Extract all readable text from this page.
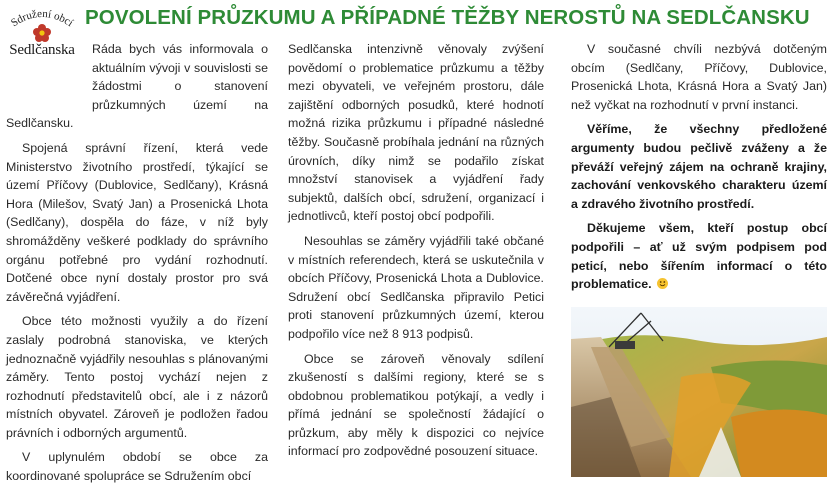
Sdružení obcí
Sedlčanska
POVOLENÍ PRŮZKUMU A PŘÍPADNÉ TĚŽBY NEROSTŮ NA SEDLČANSKU

Ráda bych vás informovala o aktuálním vývoji v souvislosti se žádostmi o stanovení průzkumných území na Sedlčansku.

Spojená správní řízení, která vede Ministerstvo životního prostředí, týkající se území Příčovy (Dublovice, Sedlčany), Krásná Hora (Milešov, Svatý Jan) a Prosenická Lhota (Sedlčany), dospěla do fáze, v níž byly shromážděny veškeré podklady do správního orgánu potřebné pro vydání rozhodnutí. Dotčené obce nyní dostaly prostor pro svá závěrečná vyjádření.

Obce této možnosti využily a do řízení zaslaly podrobná stanoviska, ve kterých jednoznačně vyjádřily nesouhlas s plánovanými záměry. Tento postoj vychází nejen z rozhodnutí představitelů obcí, ale i z názorů místních obyvatel. Zároveň je podložen řadou právních i odborných argumentů.

V uplynulém období se obce za koordinované spolupráce se Sdružením obcí

Sedlčanska intenzivně věnovaly zvýšení povědomí o problematice průzkumu a těžby mezi obyvateli, ve veřejném prostoru, dále zajištění odborných posudků, které hodnotí možná rizika průzkumu i případné následné těžby. Současně probíhala jednání na různých úrovních, díky nimž se podařilo získat množství stanovisek a vyjádření řady subjektů, dalších obcí, sdružení, organizací i jednotlivců, kteří postoj obcí podpořili.

Nesouhlas se záměry vyjádřili také občané v místních referendech, která se uskutečnila v obcích Příčovy, Prosenická Lhota a Dublovice. Sdružení obcí Sedlčanska připravilo Petici proti stanovení průzkumných území, kterou podpořilo více než 8 913 podpisů.

Obce se zároveň věnovaly sdílení zkušeností s dalšími regiony, které se s obdobnou problematikou potýkají, a vedly i přímá jednání se společností žádající o průzkum, aby měly k dispozici co nejvíce informací pro zodpovědné posouzení situace.

V současné chvíli nezbývá dotčeným obcím (Sedlčany, Příčovy, Dublovice, Prosenická Lhota, Krásná Hora a Svatý Jan) než vyčkat na rozhodnutí v první instanci.

Věříme, že všechny předložené argumenty budou pečlivě zváženy a že převáží veřejný zájem na ochraně krajiny, zachování venkovského charakteru území a zdravého životního prostředí.

Děkujeme všem, kteří postup obcí podpořili – ať už svým podpisem pod peticí, nebo šířením informací o této problematice.
